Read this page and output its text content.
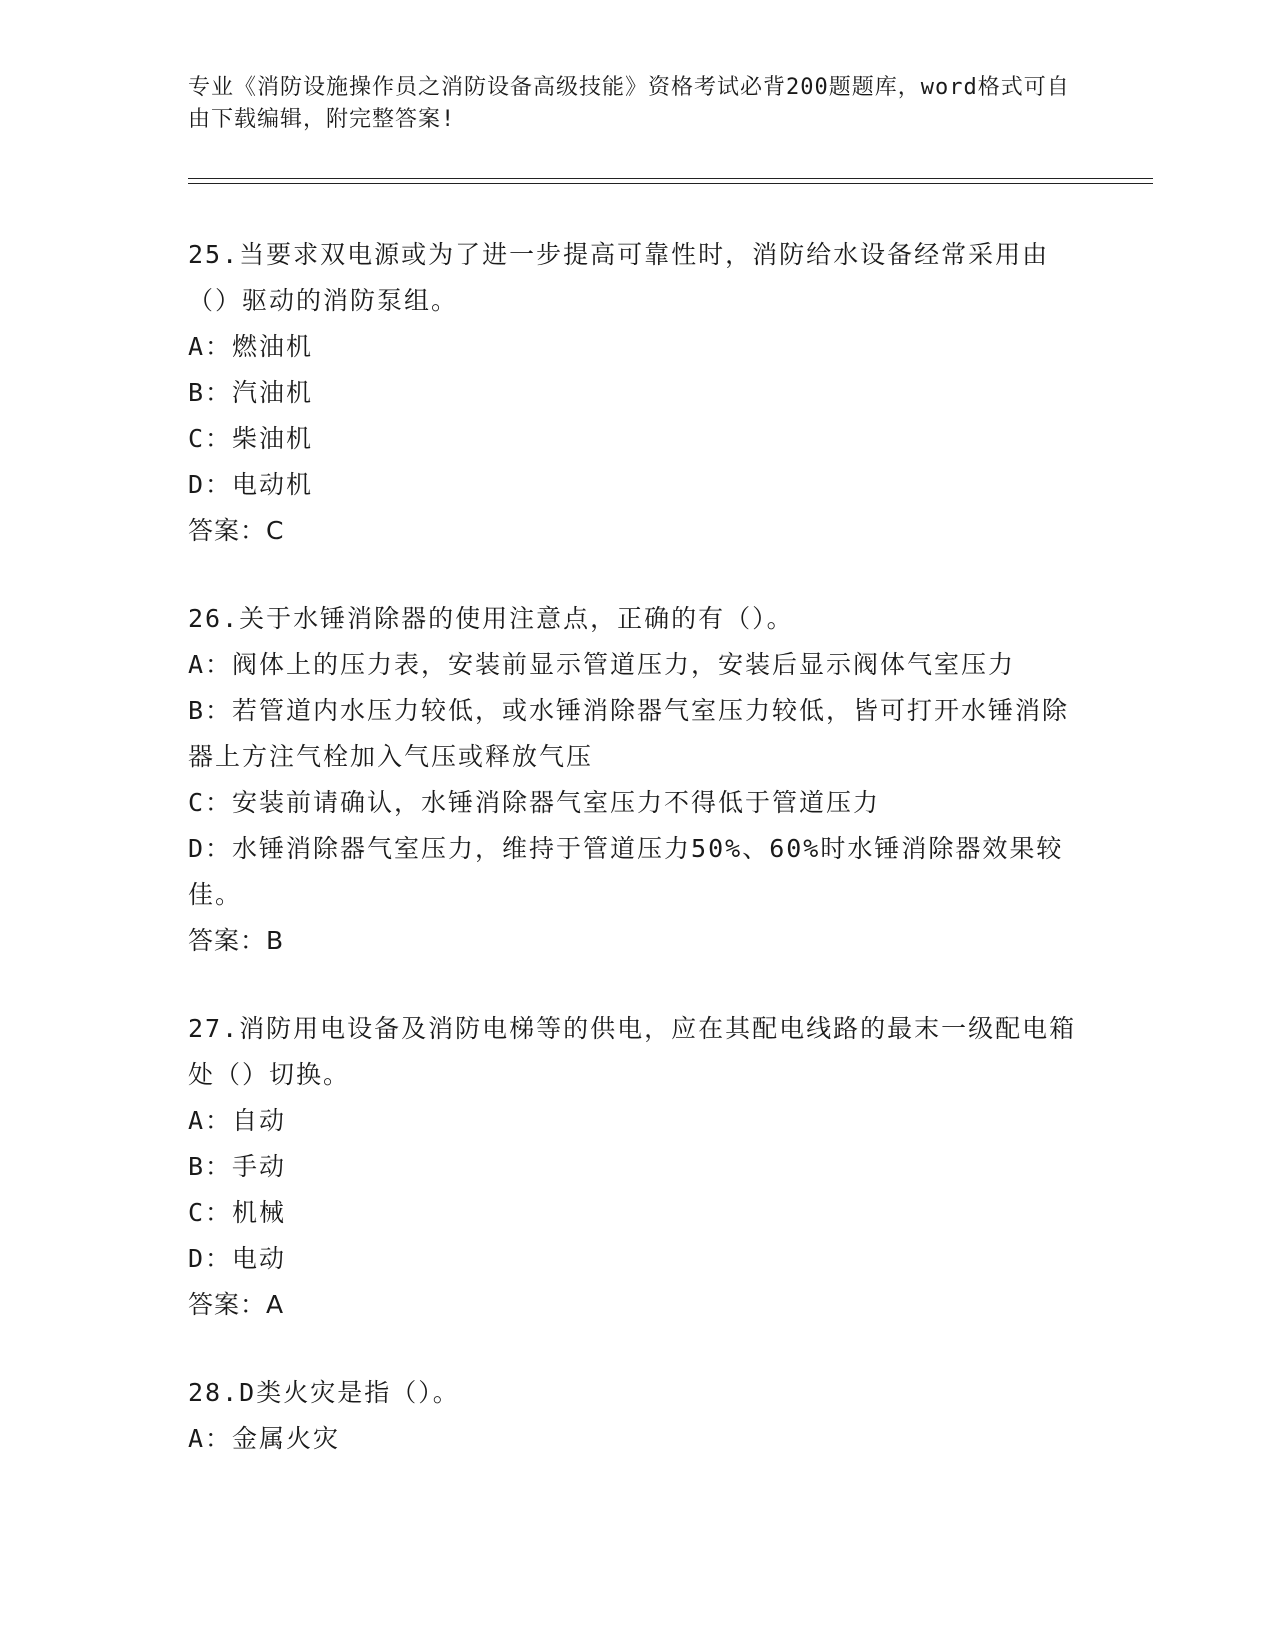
专业《消防设施操作员之消防设备高级技能》资格考试必背200题题库，word格式可自由下载编辑，附完整答案!

25.当要求双电源或为了进一步提高可靠性时，消防给水设备经常采用由（）驱动的消防泵组。

A：燃油机

B：汽油机

C：柴油机

D：电动机

答案：C

26.关于水锤消除器的使用注意点，正确的有（）。

A：阀体上的压力表，安装前显示管道压力，安装后显示阀体气室压力

B：若管道内水压力较低，或水锤消除器气室压力较低，皆可打开水锤消除器上方注气栓加入气压或释放气压

C：安装前请确认，水锤消除器气室压力不得低于管道压力

D：水锤消除器气室压力，维持于管道压力50%、60%时水锤消除器效果较佳。

答案：B

27.消防用电设备及消防电梯等的供电，应在其配电线路的最末一级配电箱处（）切换。

A：自动

B：手动

C：机械

D：电动

答案：A

28.D类火灾是指（）。

A：金属火灾
